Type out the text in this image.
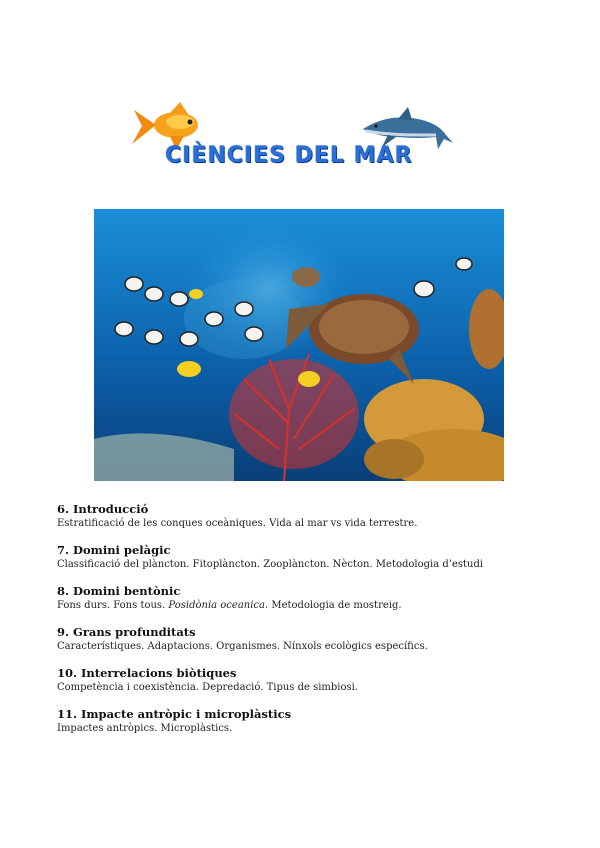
CIÈNCIES DEL MAR
6. Introducció

Estratificació de les conques oceàniques. Vida al mar vs vida terrestre.

7. Domini pelàgic

Classificació del plàncton. Fitoplàncton. Zooplàncton. Nècton. Metodologia d’estudi

8. Domini bentònic

Fons durs. Fons tous. Posidònia oceanica. Metodologia de mostreig.

9. Grans profunditats

Característiques. Adaptacions. Organismes. Nínxols ecològics específics.

10. Interrelacions biòtiques

Competència i coexistència. Depredació. Tipus de simbiosi.

11. Impacte antròpic i microplàstics

Impactes antròpics. Microplàstics.
